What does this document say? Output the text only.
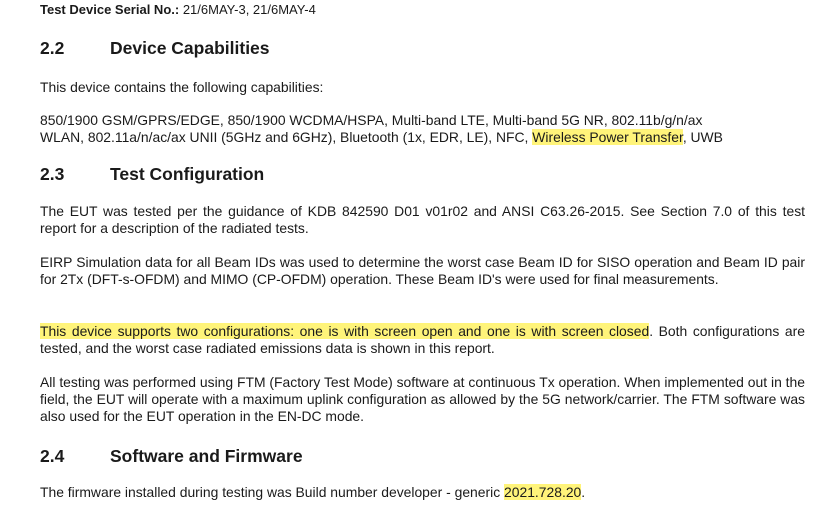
Test Device Serial No.: 21/6MAY-3, 21/6MAY-4
2.2	Device Capabilities
This device contains the following capabilities:
850/1900 GSM/GPRS/EDGE, 850/1900 WCDMA/HSPA, Multi-band LTE, Multi-band 5G NR, 802.11b/g/n/ax
WLAN, 802.11a/n/ac/ax UNII (5GHz and 6GHz), Bluetooth (1x, EDR, LE), NFC, Wireless Power Transfer, UWB
2.3	Test Configuration
The EUT was tested per the guidance of KDB 842590 D01 v01r02 and ANSI C63.26-2015. See Section 7.0 of this test report for a description of the radiated tests.
EIRP Simulation data for all Beam IDs was used to determine the worst case Beam ID for SISO operation and Beam ID pair for 2Tx (DFT-s-OFDM) and MIMO (CP-OFDM) operation. These Beam ID's were used for final measurements.
This device supports two configurations: one is with screen open and one is with screen closed. Both configurations are tested, and the worst case radiated emissions data is shown in this report.
All testing was performed using FTM (Factory Test Mode) software at continuous Tx operation. When implemented out in the field, the EUT will operate with a maximum uplink configuration as allowed by the 5G network/carrier. The FTM software was also used for the EUT operation in the EN-DC mode.
2.4	Software and Firmware
The firmware installed during testing was Build number developer - generic 2021.728.20.
